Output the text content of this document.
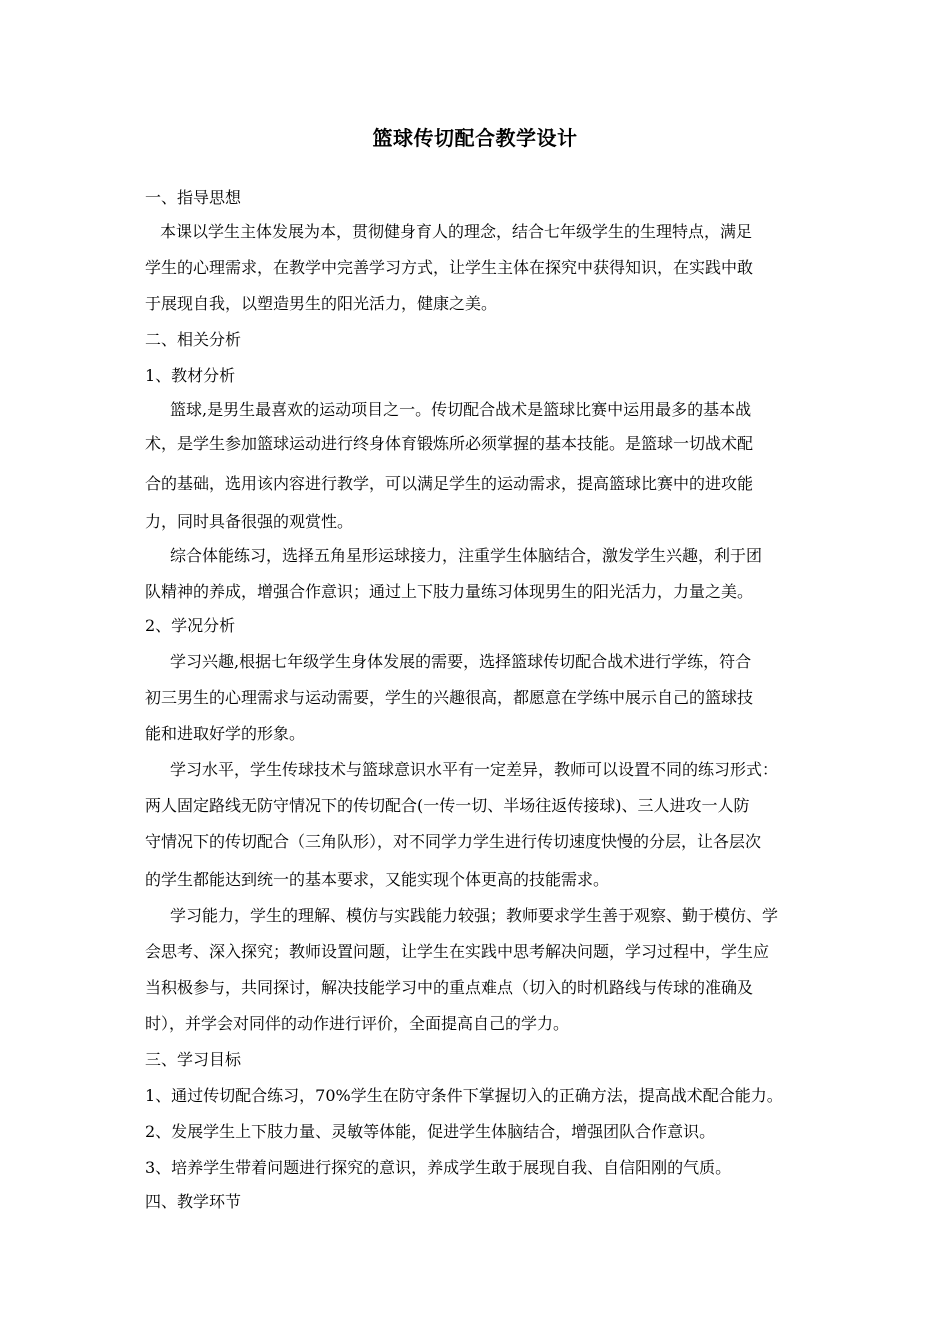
篮球传切配合教学设计
一、指导思想
本课以学生主体发展为本，贯彻健身育人的理念，结合七年级学生的生理特点，满足
学生的心理需求，在教学中完善学习方式，让学生主体在探究中获得知识，在实践中敢
于展现自我，以塑造男生的阳光活力，健康之美。
二、相关分析
1、教材分析
篮球,是男生最喜欢的运动项目之一。传切配合战术是篮球比赛中运用最多的基本战
术，是学生参加篮球运动进行终身体育锻炼所必须掌握的基本技能。是篮球一切战术配
合的基础，选用该内容进行教学，可以满足学生的运动需求，提高篮球比赛中的进攻能
力，同时具备很强的观赏性。
综合体能练习，选择五角星形运球接力，注重学生体脑结合，激发学生兴趣，利于团
队精神的养成，增强合作意识；通过上下肢力量练习体现男生的阳光活力，力量之美。
2、学况分析
学习兴趣,根据七年级学生身体发展的需要，选择篮球传切配合战术进行学练，符合
初三男生的心理需求与运动需要，学生的兴趣很高，都愿意在学练中展示自己的篮球技
能和进取好学的形象。
学习水平，学生传球技术与篮球意识水平有一定差异，教师可以设置不同的练习形式：
两人固定路线无防守情况下的传切配合(一传一切、半场往返传接球)、三人进攻一人防
守情况下的传切配合（三角队形），对不同学力学生进行传切速度快慢的分层，让各层次
的学生都能达到统一的基本要求，又能实现个体更高的技能需求。
学习能力，学生的理解、模仿与实践能力较强；教师要求学生善于观察、勤于模仿、学
会思考、深入探究；教师设置问题，让学生在实践中思考解决问题，学习过程中，学生应
当积极参与，共同探讨，解决技能学习中的重点难点（切入的时机路线与传球的准确及
时），并学会对同伴的动作进行评价，全面提高自己的学力。
三、学习目标
1、通过传切配合练习，70%学生在防守条件下掌握切入的正确方法，提高战术配合能力。
2、发展学生上下肢力量、灵敏等体能，促进学生体脑结合，增强团队合作意识。
3、培养学生带着问题进行探究的意识，养成学生敢于展现自我、自信阳刚的气质。
四、教学环节
